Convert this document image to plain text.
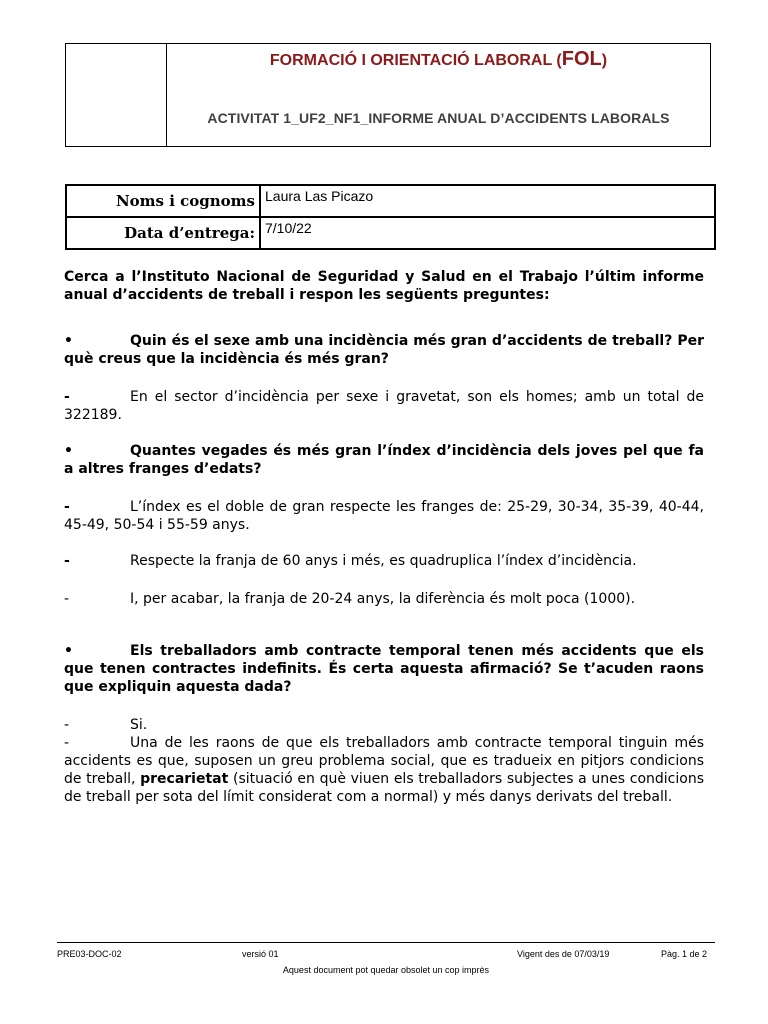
FORMACIÓ I ORIENTACIÓ LABORAL (FOL)
ACTIVITAT 1_UF2_NF1_INFORME ANUAL D’ACCIDENTS LABORALS
Noms i cognoms	Laura Las Picazo
Data d’entrega:	7/10/22
Cerca a l’Instituto Nacional de Seguridad y Salud en el Trabajo l’últim informe anual d’accidents de treball i respon les següents preguntes:
•	Quin és el sexe amb una incidència més gran d’accidents de treball? Per què creus que la incidència és més gran?
-	En el sector d’incidència per sexe i gravetat, son els homes; amb un total de 322189.
•	Quantes vegades és més gran l’índex d’incidència dels joves pel que fa a altres franges d’edats?
-	L’índex es el doble de gran respecte les franges de: 25-29, 30-34, 35-39, 40-44, 45-49, 50-54 i 55-59 anys.
-	Respecte la franja de 60 anys i més, es quadruplica l’índex d’incidència.
-	I, per acabar, la franja de 20-24 anys, la diferència és molt poca (1000).
•	Els treballadors amb contracte temporal tenen més accidents que els que tenen contractes indefinits. És certa aquesta afirmació? Se t’acuden raons que expliquin aquesta dada?
-	Si.
-	Una de les raons de que els treballadors amb contracte temporal tinguin més accidents es que, suposen un greu problema social, que es tradueix en pitjors condicions de treball, precarietat (situació en què viuen els treballadors subjectes a unes condicions de treball per sota del límit considerat com a normal) y més danys derivats del treball.
PRE03-DOC-02	versió 01	Vigent des de 07/03/19	Pàg. 1 de 2
Aquest document pot quedar obsolet un cop imprès
